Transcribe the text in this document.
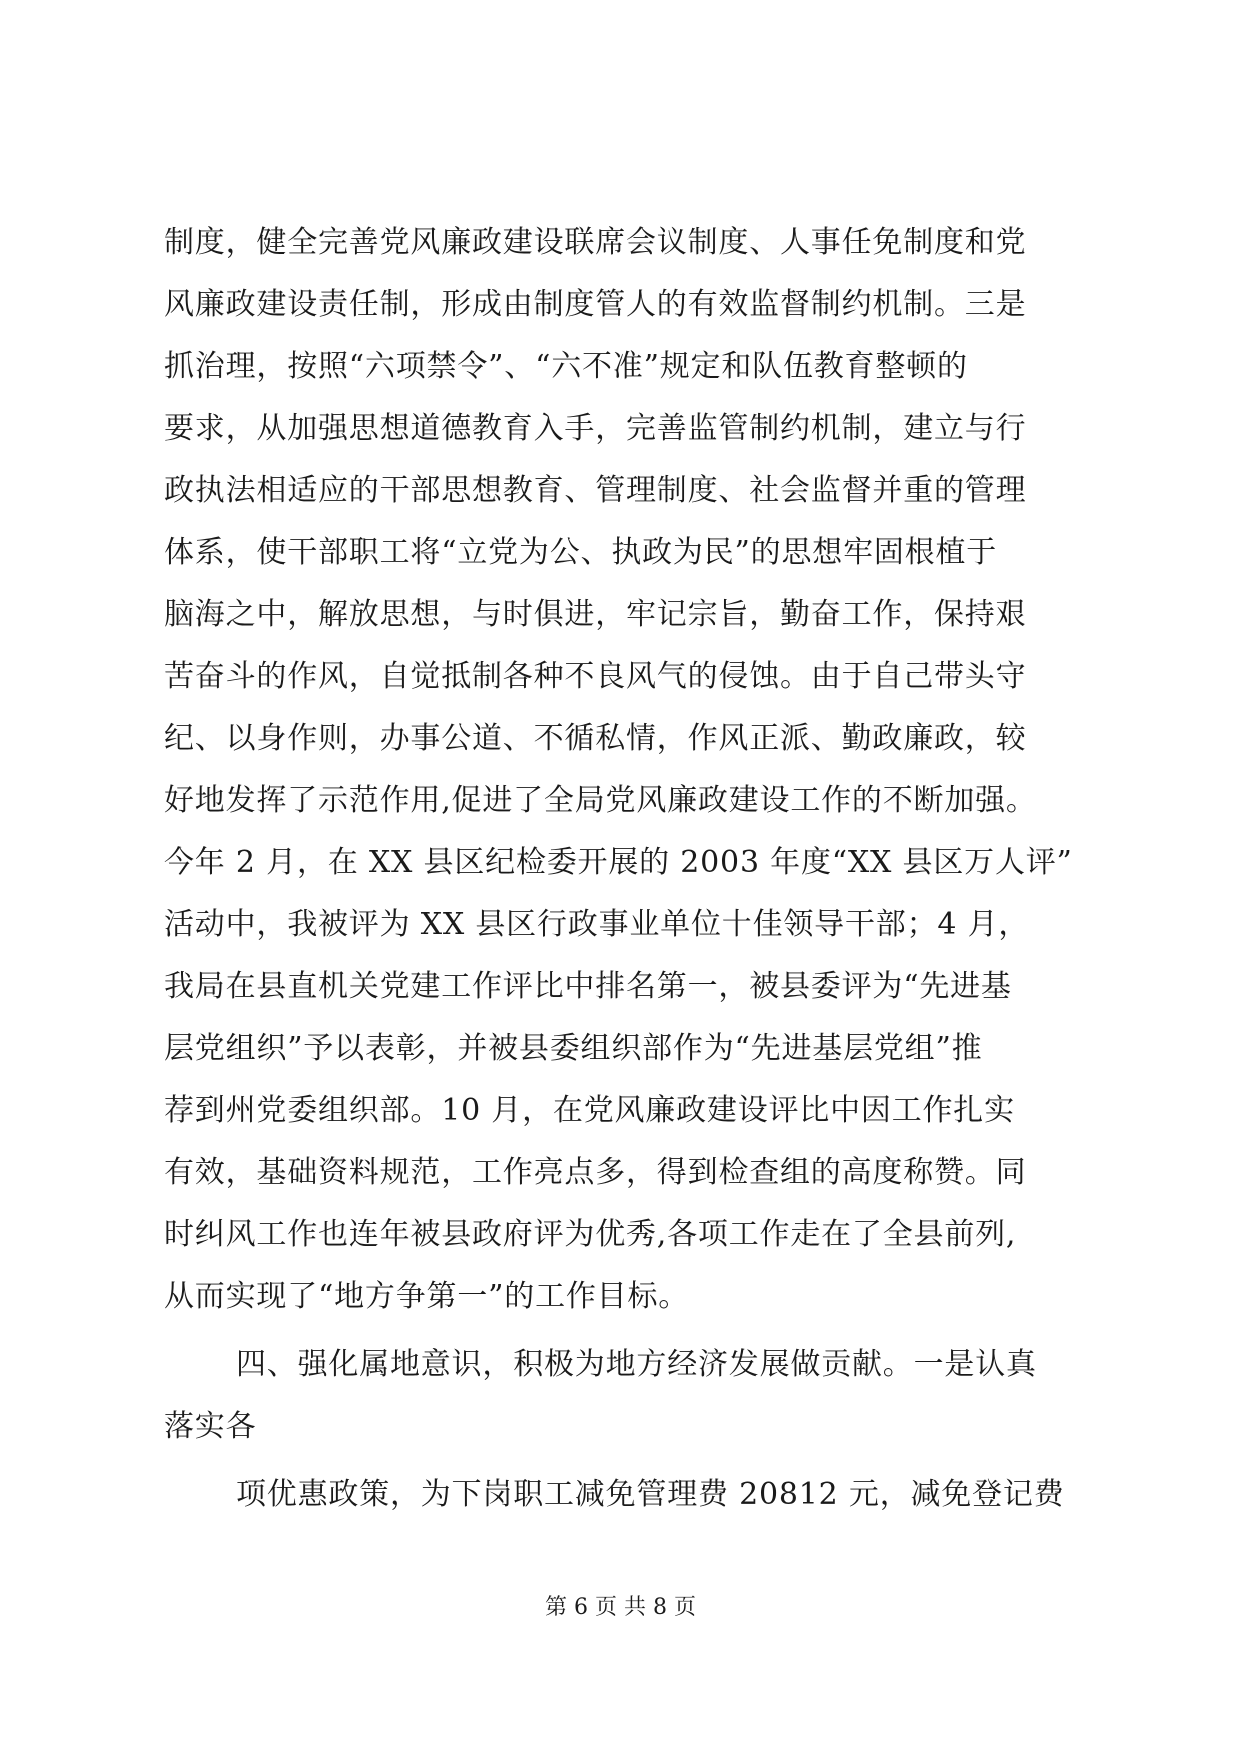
制度，健全完善党风廉政建设联席会议制度、人事任免制度和党
风廉政建设责任制，形成由制度管人的有效监督制约机制。三是
抓治理，按照“六项禁令”、“六不准”规定和队伍教育整顿的
要求，从加强思想道德教育入手，完善监管制约机制，建立与行
政执法相适应的干部思想教育、管理制度、社会监督并重的管理
体系，使干部职工将“立党为公、执政为民”的思想牢固根植于
脑海之中，解放思想，与时俱进，牢记宗旨，勤奋工作，保持艰
苦奋斗的作风，自觉抵制各种不良风气的侵蚀。由于自己带头守
纪、以身作则，办事公道、不循私情，作风正派、勤政廉政，较
好地发挥了示范作用,促进了全局党风廉政建设工作的不断加强。
今年 2 月，在 XX 县区纪检委开展的 2003 年度“XX 县区万人评”
活动中，我被评为 XX 县区行政事业单位十佳领导干部；4 月，
我局在县直机关党建工作评比中排名第一，被县委评为“先进基
层党组织”予以表彰，并被县委组织部作为“先进基层党组”推
荐到州党委组织部。10 月，在党风廉政建设评比中因工作扎实
有效，基础资料规范，工作亮点多，得到检查组的高度称赞。同
时纠风工作也连年被县政府评为优秀,各项工作走在了全县前列,
从而实现了“地方争第一”的工作目标。
四、强化属地意识，积极为地方经济发展做贡献。一是认真
落实各
项优惠政策，为下岗职工减免管理费 20812 元，减免登记费
第 6 页 共 8 页
